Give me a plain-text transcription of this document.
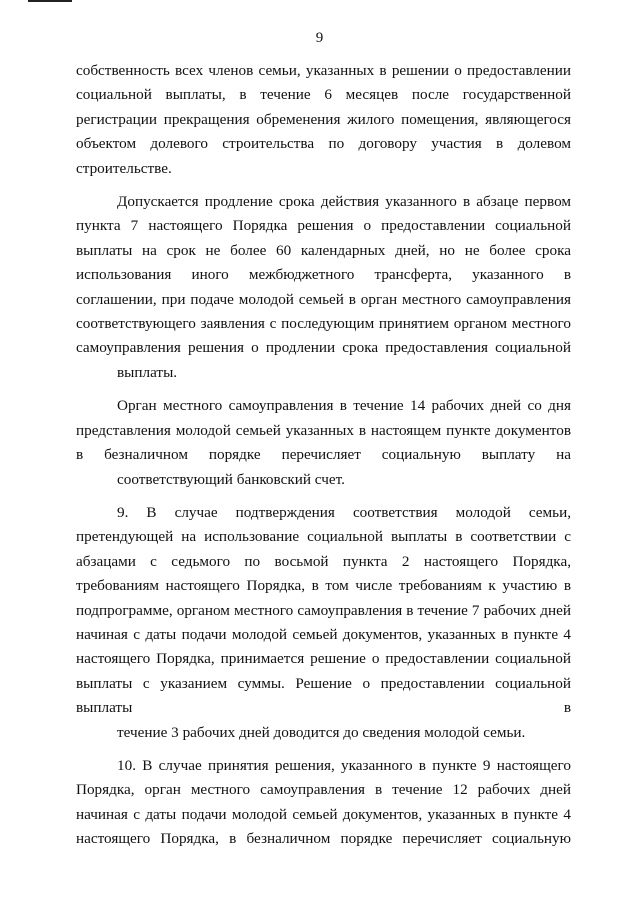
9

собственность всех членов семьи, указанных в решении о предоставлении социальной выплаты, в течение 6 месяцев после государственной регистрации прекращения обременения жилого помещения, являющегося объектом долевого строительства по договору участия в долевом
строительстве.

Допускается продление срока действия указанного в абзаце первом пункта 7 настоящего Порядка решения о предоставлении социальной выплаты на срок не более 60 календарных дней, но не более срока использования иного межбюджетного трансферта, указанного в соглашении, при подаче молодой семьей в орган местного самоуправления соответствующего заявления с последующим принятием органом местного самоуправления решения о продлении срока предоставления социальной
выплаты.

Орган местного самоуправления в течение 14 рабочих дней со дня представления молодой семьей указанных в настоящем пункте документов в безналичном порядке перечисляет социальную выплату на
соответствующий банковский счет.

9. В случае подтверждения соответствия молодой семьи, претендующей на использование социальной выплаты в соответствии с абзацами с седьмого по восьмой пункта 2 настоящего Порядка, требованиям настоящего Порядка, в том числе требованиям к участию в подпрограмме, органом местного самоуправления в течение 7 рабочих дней начиная с даты подачи молодой семьей документов, указанных в пункте 4 настоящего Порядка, принимается решение о предоставлении социальной выплаты с указанием суммы. Решение о предоставлении социальной выплаты в
течение 3 рабочих дней доводится до сведения молодой семьи.

10. В случае принятия решения, указанного в пункте 9 настоящего Порядка, орган местного самоуправления в течение 12 рабочих дней начиная с даты подачи молодой семьей документов, указанных в пункте 4 настоящего Порядка, в безналичном порядке перечисляет социальную
